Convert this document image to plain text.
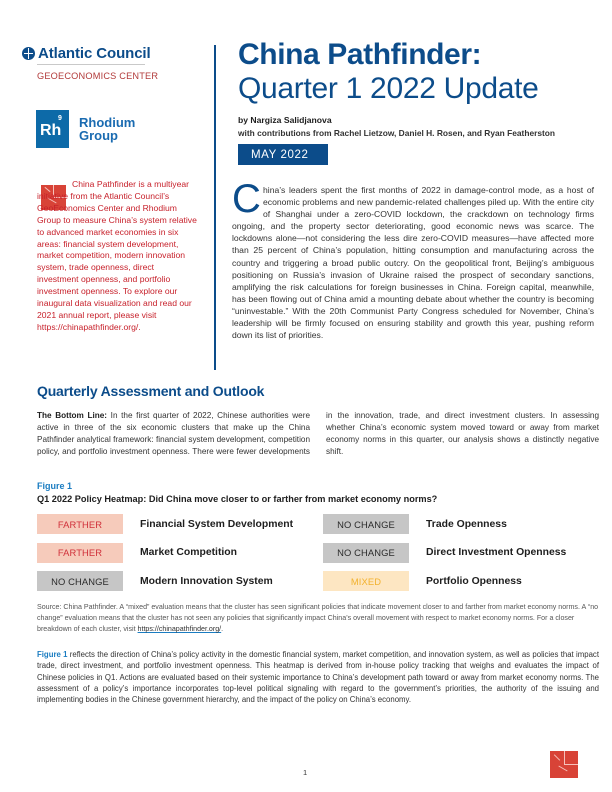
Atlantic Council
GEOECONOMICS CENTER
Rh
9 Rhodium
Group
China Pathfinder:
Quarter 1 2022 Update
by Nargiza Salidjanova
with contributions from Rachel Lietzow, Daniel H. Rosen, and Ryan Featherston
MAY 2022

China Pathfinder is a multiyear initiative from the Atlantic Council’s GeoEconomics Center and Rhodium Group to measure China’s system relative to advanced market economies in six areas: financial system development, market competition, modern innovation system, trade openness, direct investment openness, and portfolio investment openness. To explore our inaugural data visualization and read our 2021 annual report, please visit https://chinapathfinder.org/.

C hina’s leaders spent the first months of 2022 in damage-control mode, as a host of economic problems and new pandemic-related challenges piled up. With the entire city of Shanghai under a zero-COVID lockdown, the crackdown on technology firms ongoing, and the property sector deteriorating, good economic news was scarce. The lockdowns alone—not considering the less dire zero-COVID measures—have affected more than 25 percent of China’s population, hitting consumption and manufacturing across the country and triggering a broad public outcry. On the geopolitical front, Beijing’s ambiguous positioning on Russia’s invasion of Ukraine raised the prospect of secondary sanctions, amplifying the risk calculations for foreign businesses in China. Foreign capital, meanwhile, has been flowing out of China amid a mounting debate about whether the country is becoming “uninvestable.” With the 20th Communist Party Congress scheduled for November, China’s leadership will be firmly focused on ensuring stability and growth this year, pushing reform down its list of priorities.
Quarterly Assessment and Outlook
The Bottom Line: In the first quarter of 2022, Chinese authorities were active in three of the six economic clusters that make up the China Pathfinder analytical framework: financial system development, competition policy, and portfolio investment openness. There were fewer developments in the innovation, trade, and direct investment clusters. In assessing whether China’s economic system moved toward or away from market economy norms in this quarter, our analysis shows a distinctly negative shift.
Figure 1
Q1 2022 Policy Heatmap: Did China move closer to or farther from market economy norms?
FARTHER	Financial System Development	NO CHANGE	Trade Openness
FARTHER	Market Competition	NO CHANGE	Direct Investment Openness
NO CHANGE	Modern Innovation System	MIXED	Portfolio Openness
Source: China Pathfinder. A “mixed” evaluation means that the cluster has seen significant policies that indicate movement closer to and farther from market economy norms. A “no change” evaluation means that the cluster has not seen any policies that significantly impact China’s overall movement with respect to market economy norms. For a closer breakdown of each cluster, visit https://chinapathfinder.org/.
Figure 1 reflects the direction of China’s policy activity in the domestic financial system, market competition, and innovation system, as well as policies that impact trade, direct investment, and portfolio investment openness. This heatmap is derived from in-house policy tracking that weighs and evaluates the impact of Chinese policies in Q1. Actions are evaluated based on their systemic importance to China’s development path toward or away from market economy norms. The assessment of a policy’s importance incorporates top-level political signaling with regard to the government’s priorities, the authority of the issuing and implementing bodies in the Chinese government hierarchy, and the impact of the policy on China’s economy.
1
